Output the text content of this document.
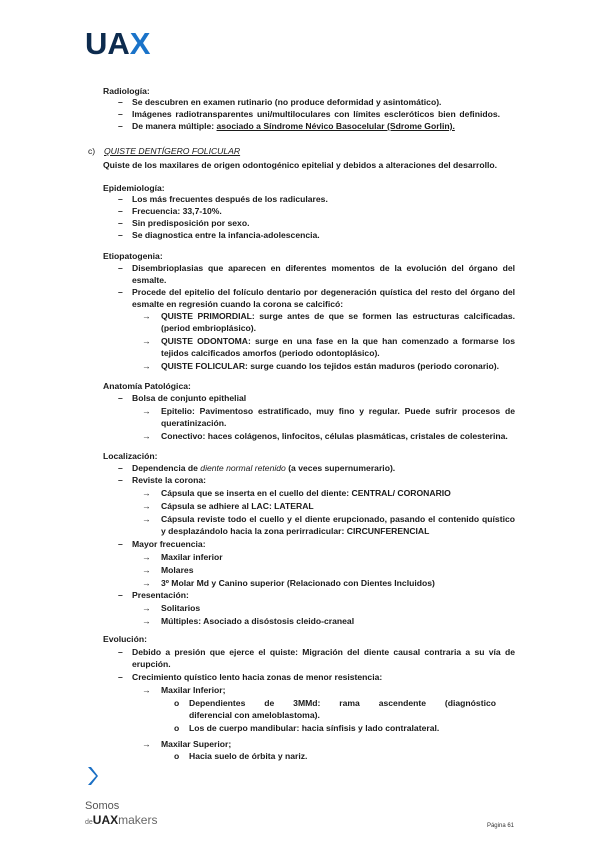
UAX
Radiología:
– Se descubren en examen rutinario (no produce deformidad y asintomático).
– Imágenes radiotransparentes uni/multiloculares con límites escleróticos bien definidos.
– De manera múltiple: asociado a Síndrome Névico Basocelular (Sdrome Gorlin).
c) QUISTE DENTÍGERO FOLICULAR
Quiste de los maxilares de origen odontogénico epitelial y debidos a alteraciones del desarrollo.
Epidemiología:
– Los más frecuentes después de los radiculares.
– Frecuencia: 33,7-10%.
– Sin predisposición por sexo.
– Se diagnostica entre la infancia-adolescencia.
Etiopatogenia:
– Disembrioplasias que aparecen en diferentes momentos de la evolución del órgano del
esmalte.
– Procede del epitelio del folículo dentario por degeneración quística del resto del órgano del
esmalte en regresión cuando la corona se calcificó:
→ QUISTE PRIMORDIAL: surge antes de que se formen las estructuras calcificadas.
(period embrioplásico).
→ QUISTE ODONTOMA: surge en una fase en la que han comenzado a formarse los
tejidos calcificados amorfos (periodo odontoplásico).
→ QUISTE FOLICULAR: surge cuando los tejidos están maduros (periodo coronario).
Anatomía Patológica:
– Bolsa de conjunto epithelial
→ Epitelio: Pavimentoso estratificado, muy fino y regular. Puede sufrir procesos de
queratinización.
→ Conectivo: haces colágenos, linfocitos, células plasmáticas, cristales de colesterina.
Localización:
– Dependencia de diente normal retenido (a veces supernumerario).
– Reviste la corona:
→ Cápsula que se inserta en el cuello del diente: CENTRAL/ CORONARIO
→ Cápsula se adhiere al LAC: LATERAL
→ Cápsula reviste todo el cuello y el diente erupcionado, pasando el contenido quístico
y desplazándolo hacia la zona perirradicular: CIRCUNFERENCIAL
– Mayor frecuencia:
→ Maxilar inferior
→ Molares
→ 3º Molar Md y Canino superior (Relacionado con Dientes Incluidos)
– Presentación:
→ Solitarios
→ Múltiples: Asociado a disóstosis cleido-craneal
Evolución:
– Debido a presión que ejerce el quiste: Migración del diente causal contraria a su vía de
erupción.
– Crecimiento quístico lento hacia zonas de menor resistencia:
→ Maxilar Inferior;
o Dependientes de 3MMd: rama ascendente (diagnóstico
diferencial con ameloblastoma).
o Los de cuerpo mandibular: hacia sínfisis y lado contralateral.
→ Maxilar Superior;
o Hacia suelo de órbita y nariz.
Somos
deUAXmakers	Página 61
